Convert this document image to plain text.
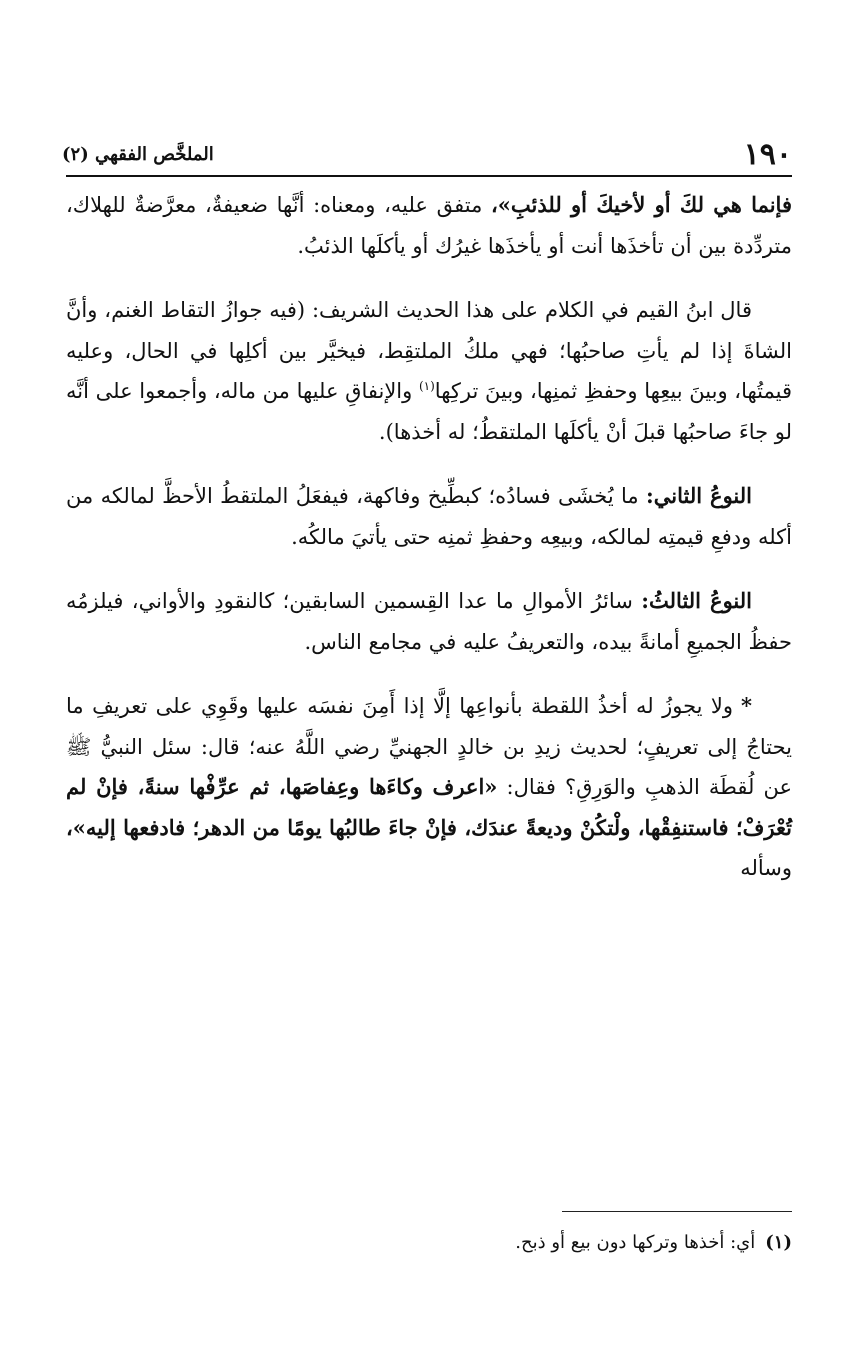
١٩٠
الملخَّص الفقهي (٢)

فإنما هي لكَ أو لأخيكَ أو للذئبِ»، متفق عليه، ومعناه: أنَّها ضعيفةٌ، معرَّضةٌ للهلاك، متردِّدة بين أن تأخذَها أنت أو يأخذَها غيرُك أو يأكلَها الذئبُ.

قال ابنُ القيم في الكلام على هذا الحديث الشريف: (فيه جوازُ التقاط الغنم، وأنَّ الشاةَ إذا لم يأتِ صاحبُها؛ فهي ملكُ الملتقِط، فيخيَّر بين أكلِها في الحال، وعليه قيمتُها، وبينَ بيعِها وحفظِ ثمنِها، وبينَ تركِها$^{(١)}$ والإنفاقِ عليها من ماله، وأجمعوا على أنَّه لو جاءَ صاحبُها قبلَ أنْ يأكلَها الملتقطُ؛ له أخذها).

النوعُ الثاني: ما يُخشَى فسادُه؛ كبطِّيخ وفاكهة، فيفعَلُ الملتقطُ الأحظَّ لمالكه من أكله ودفعِ قيمتِه لمالكه، وبيعِه وحفظِ ثمنِه حتى يأتيَ مالكُه.

النوعُ الثالثُ: سائرُ الأموالِ ما عدا القِسمين السابقين؛ كالنقودِ والأواني، فيلزمُه حفظُ الجميعِ أمانةً بيده، والتعريفُ عليه في مجامع الناس.

*ولا يجوزُ له أخذُ اللقطة بأنواعِها إلَّا إذا أَمِنَ نفسَه عليها وقَوِي على تعريفِ ما يحتاجُ إلى تعريفٍ؛ لحديث زيدِ بن خالدٍ الجهنيِّ رضي اللَّهُ عنه؛ قال: سئل النبيُّ ﷺ عن لُقطَة الذهبِ والوَرِقِ؟ فقال: «اعرف وكاءَها وعِفاصَها، ثم عرِّفْها سنةً، فإنْ لم تُعْرَفْ؛ فاستنفِقْها، ولْتكُنْ وديعةً عندَك، فإنْ جاءَ طالبُها يومًا من الدهر؛ فادفعها إليه»، وسأله

(١)أي: أخذها وتركها دون بيع أو ذبح.
